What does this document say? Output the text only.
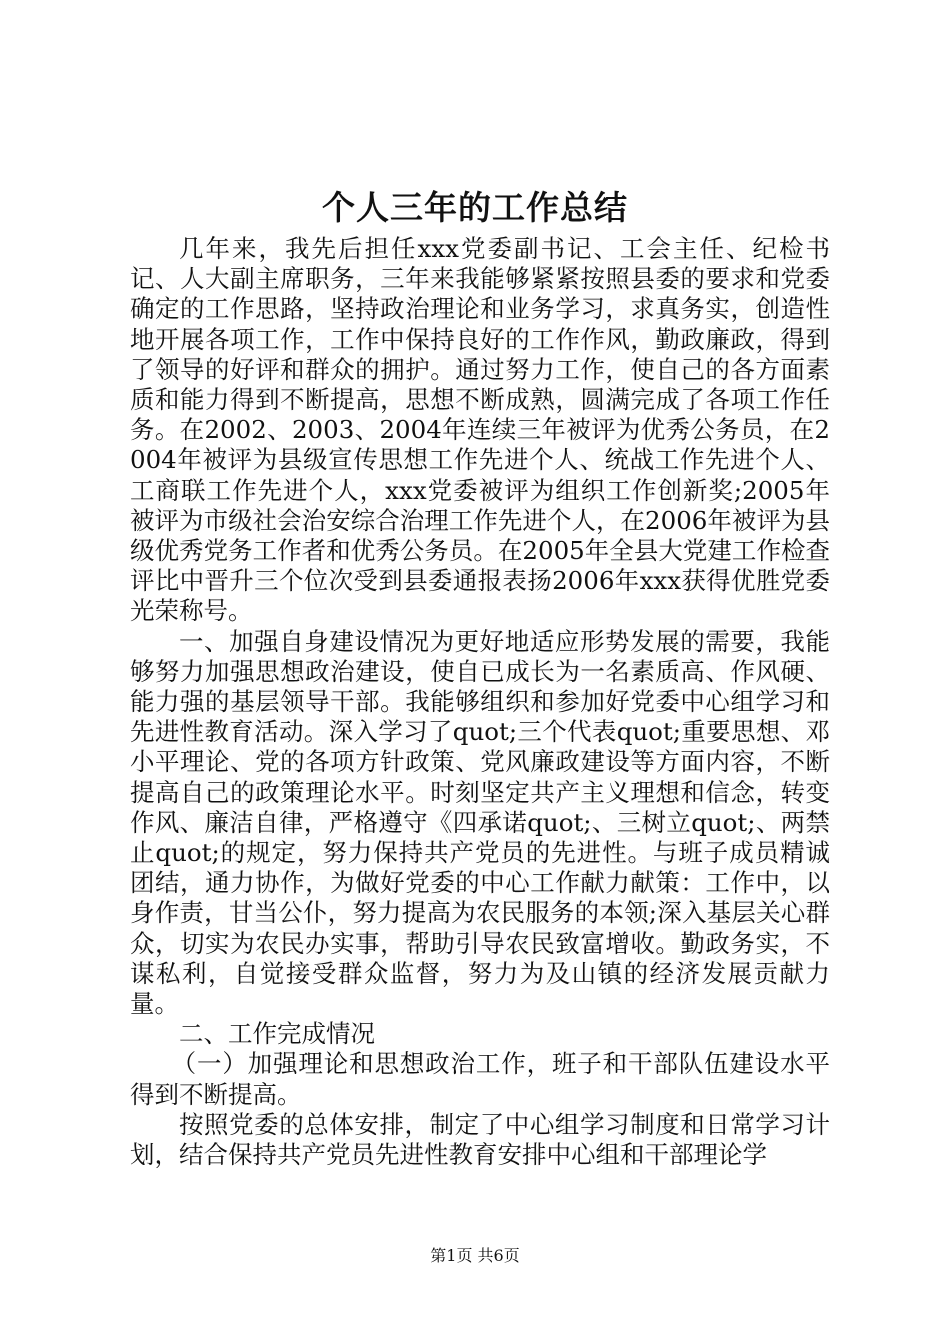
个人三年的工作总结

几年来，我先后担任xxx党委副书记、工会主任、纪检书记、人大副主席职务，三年来我能够紧紧按照县委的要求和党委确定的工作思路，坚持政治理论和业务学习，求真务实，创造性地开展各项工作，工作中保持良好的工作作风，勤政廉政，得到了领导的好评和群众的拥护。通过努力工作，使自己的各方面素质和能力得到不断提高，思想不断成熟，圆满完成了各项工作任务。在2002、2003、2004年连续三年被评为优秀公务员，在2004年被评为县级宣传思想工作先进个人、统战工作先进个人、工商联工作先进个人，xxx党委被评为组织工作创新奖;2005年被评为市级社会治安综合治理工作先进个人，在2006年被评为县级优秀党务工作者和优秀公务员。在2005年全县大党建工作检查评比中晋升三个位次受到县委通报表扬2006年xxx获得优胜党委光荣称号。

一、加强自身建设情况为更好地适应形势发展的需要，我能够努力加强思想政治建设，使自已成长为一名素质高、作风硬、能力强的基层领导干部。我能够组织和参加好党委中心组学习和先进性教育活动。深入学习了quot;三个代表quot;重要思想、邓小平理论、党的各项方针政策、党风廉政建设等方面内容，不断提高自己的政策理论水平。时刻坚定共产主义理想和信念，转变作风、廉洁自律，严格遵守《四承诺quot;、三树立quot;、两禁止quot;的规定，努力保持共产党员的先进性。与班子成员精诚团结，通力协作，为做好党委的中心工作献力献策：工作中，以身作责，甘当公仆，努力提高为农民服务的本领;深入基层关心群众，切实为农民办实事，帮助引导农民致富增收。勤政务实，不谋私利，自觉接受群众监督，努力为及山镇的经济发展贡献力量。

二、工作完成情况

（一）加强理论和思想政治工作，班子和干部队伍建设水平得到不断提高。

按照党委的总体安排，制定了中心组学习制度和日常学习计划，结合保持共产党员先进性教育安排中心组和干部理论学

第1页 共6页
